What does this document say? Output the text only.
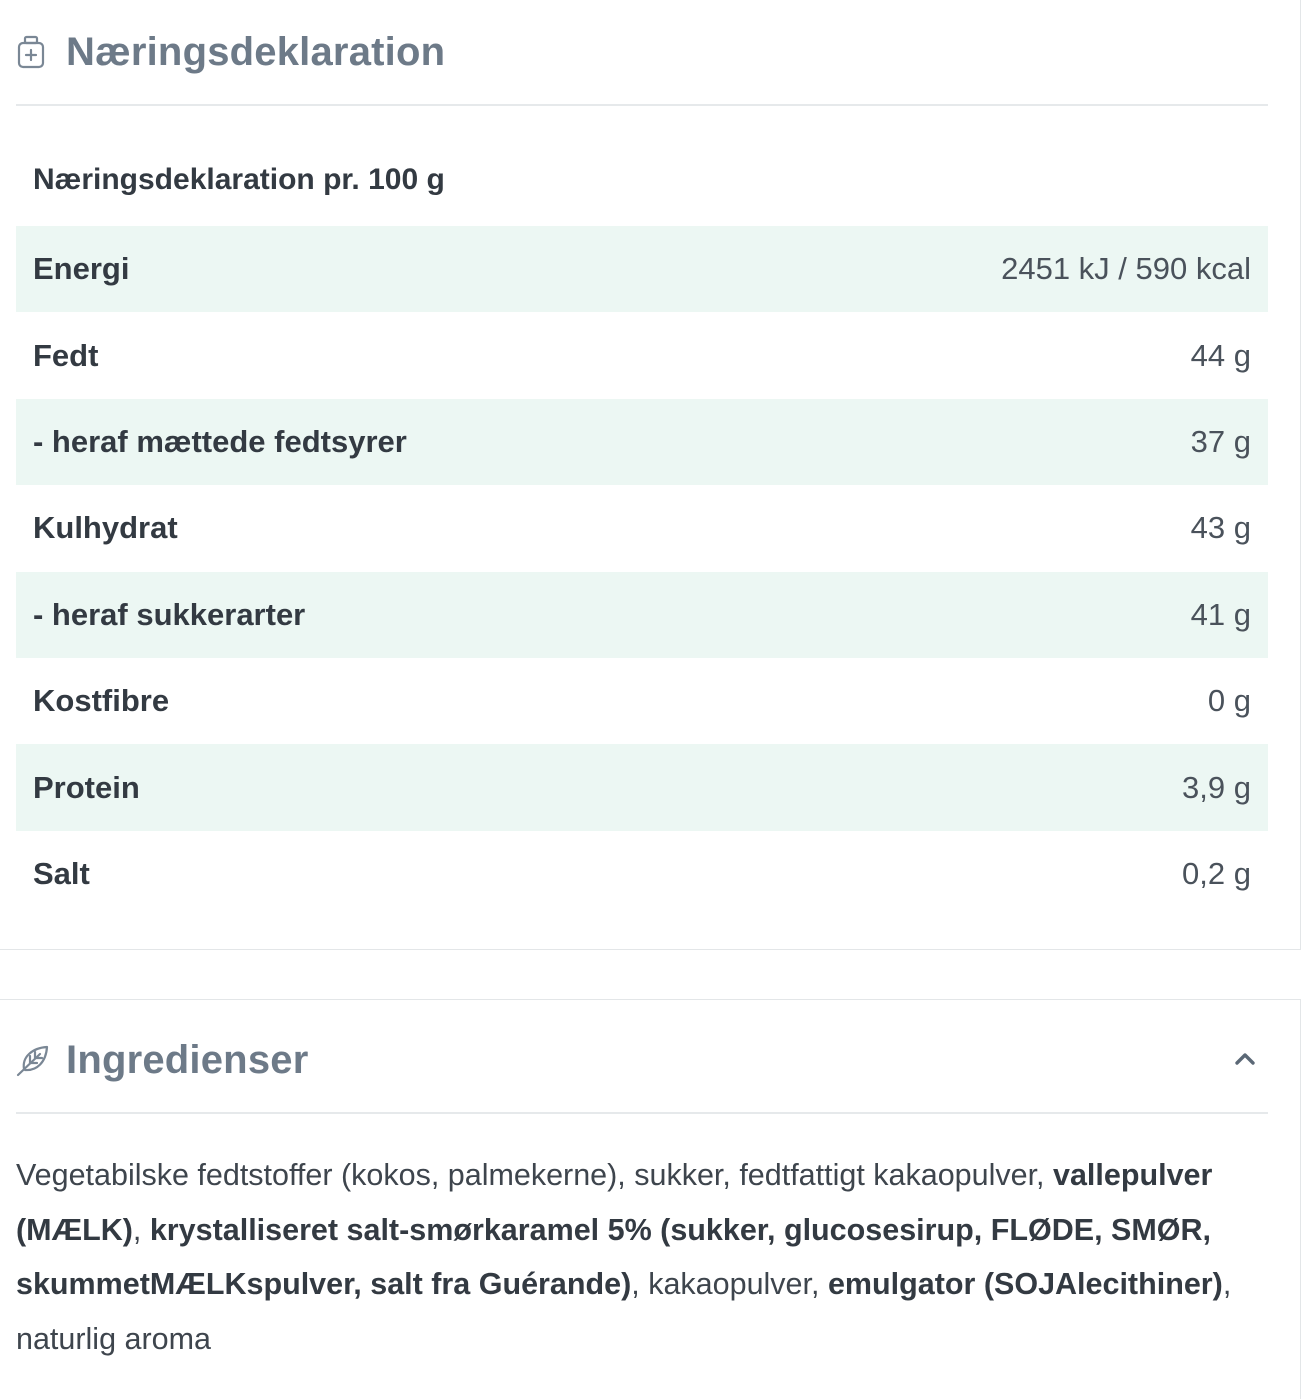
Næringsdeklaration
Næringsdeklaration pr. 100 g
Energi	2451 kJ / 590 kcal
Fedt	44 g
- heraf mættede fedtsyrer	37 g
Kulhydrat	43 g
- heraf sukkerarter	41 g
Kostfibre	0 g
Protein	3,9 g
Salt	0,2 g
Ingredienser
Vegetabilske fedtstoffer (kokos, palmekerne), sukker, fedtfattigt kakaopulver, vallepulver (MÆLK), krystalliseret salt-smørkaramel 5% (sukker, glucosesirup, FLØDE, SMØR, skummetMÆLKspulver, salt fra Guérande), kakaopulver, emulgator (SOJAlecithiner), naturlig aroma
